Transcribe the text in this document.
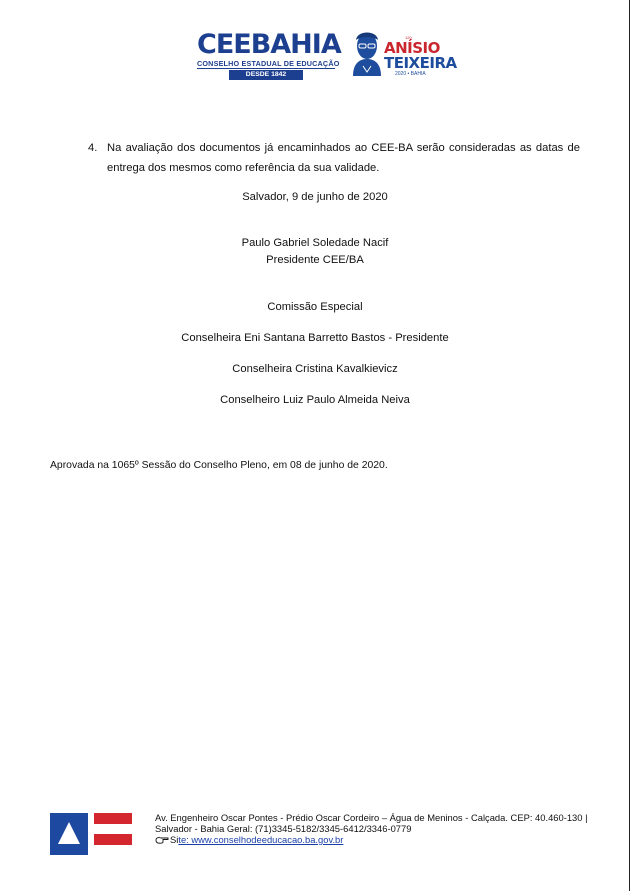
CEEBAHIA
CONSELHO ESTADUAL DE EDUCAÇÃO
DESDE 1842
120
ANÍSIO
TEIXEIRA
2020 • BAHIA
4. Na avaliação dos documentos já encaminhados ao CEE-BA serão consideradas as datas de entrega dos mesmos como referência da sua validade.
Salvador, 9 de junho de 2020
Paulo Gabriel Soledade Nacif
Presidente CEE/BA
Comissão Especial
Conselheira Eni Santana Barretto Bastos - Presidente
Conselheira Cristina Kavalkievicz
Conselheiro Luiz Paulo Almeida Neiva
Aprovada na 1065º Sessão do Conselho Pleno, em 08 de junho de 2020.
Av. Engenheiro Oscar Pontes - Prédio Oscar Cordeiro – Água de Meninos - Calçada. CEP: 40.460-130 |
Salvador - Bahia Geral: (71)3345-5182/3345-6412/3346-0779
Si te: www.conselhodeeducacao.ba.gov.br
